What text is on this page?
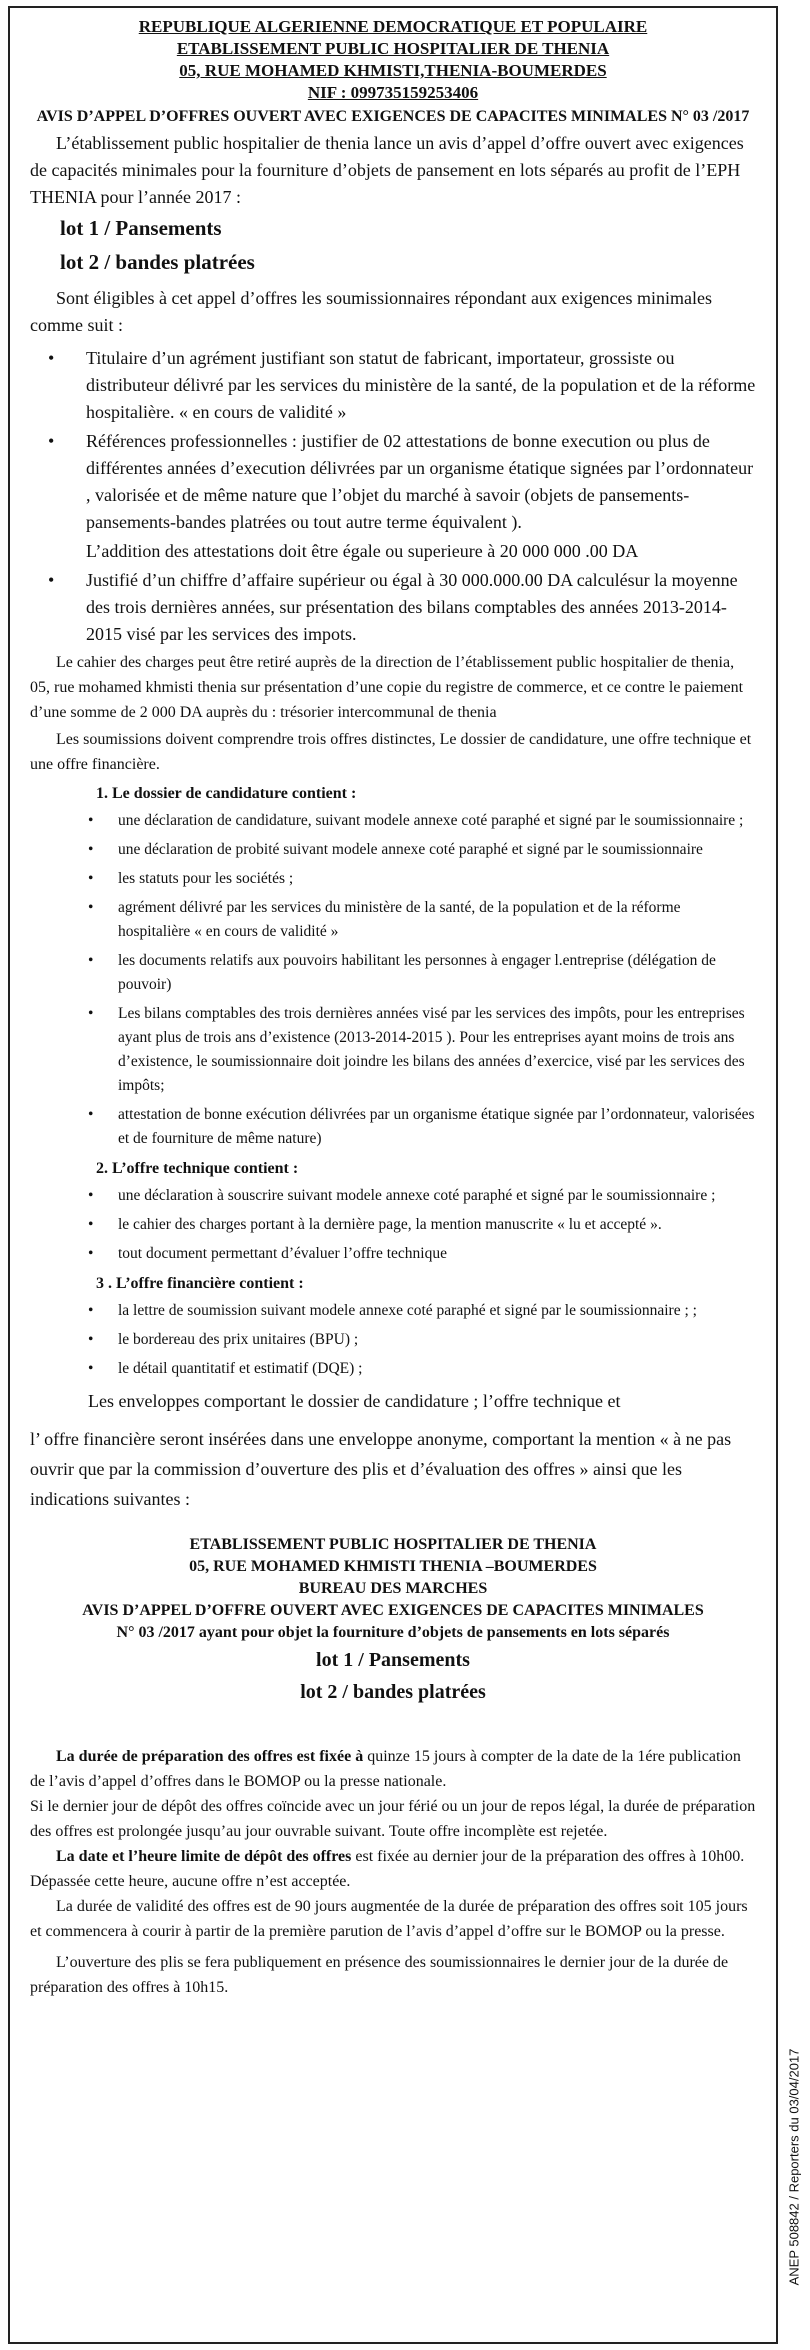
REPUBLIQUE ALGERIENNE DEMOCRATIQUE ET POPULAIRE
ETABLISSEMENT PUBLIC HOSPITALIER DE THENIA
05, RUE MOHAMED KHMISTI,THENIA-BOUMERDES
NIF : 099735159253406
AVIS D’APPEL D’OFFRES OUVERT AVEC EXIGENCES DE CAPACITES MINIMALES N° 03 /2017

L’établissement public hospitalier de thenia lance un avis d’appel d’offre ouvert avec exigences de capacités minimales pour la fourniture d’objets de pansement en lots séparés au profit de l’EPH THENIA pour l’année 2017 :

lot 1 / Pansements
lot 2 / bandes platrées

Sont éligibles à cet appel d’offres les soumissionnaires répondant aux exigences minimales comme suit :

• Titulaire d’un agrément justifiant son statut de fabricant, importateur, grossiste ou distributeur délivré par les services du ministère de la santé, de la population et de la réforme hospitalière. « en cours de validité »
• Références professionnelles : justifier de 02 attestations de bonne execution ou plus de différentes années d’execution délivrées par un organisme étatique signées par l’ordonnateur , valorisée et de même nature que l’objet du marché à savoir (objets de pansements- pansements-bandes platrées ou tout autre terme équivalent ).
L’addition des attestations doit être égale ou superieure à 20 000 000 .00 DA
• Justifié d’un chiffre d’affaire supérieur ou égal à 30 000.000.00 DA calculésur la moyenne des trois dernières années, sur présentation des bilans comptables des années 2013-2014-2015 visé par les services des impots.

Le cahier des charges peut être retiré auprès de la direction de l’établissement public hospitalier de thenia, 05, rue mohamed khmisti thenia sur présentation d’une copie du registre de commerce, et ce contre le paiement d’une somme de 2 000 DA auprès du : trésorier intercommunal de thenia

Les soumissions doivent comprendre trois offres distinctes, Le dossier de candidature, une offre technique et une offre financière.

1. Le dossier de candidature contient :
• une déclaration de candidature, suivant modele annexe coté paraphé et signé par le soumissionnaire ;
• une déclaration de probité suivant modele annexe coté paraphé et signé par le soumissionnaire
• les statuts pour les sociétés ;
• agrément délivré par les services du ministère de la santé, de la population et de la réforme hospitalière « en cours de validité »
• les documents relatifs aux pouvoirs habilitant les personnes à engager l.entreprise (délégation de pouvoir)
• Les bilans comptables des trois dernières années visé par les services des impôts, pour les entreprises ayant plus de trois ans d’existence (2013-2014-2015 ). Pour les entreprises ayant moins de trois ans d’existence, le soumissionnaire doit joindre les bilans des années d’exercice, visé par les services des impôts;
• attestation de bonne exécution délivrées par un organisme étatique signée par l’ordonnateur, valorisées et de fourniture de même nature)
2. L’offre technique contient :
• une déclaration à souscrire suivant modele annexe coté paraphé et signé par le soumissionnaire ;
• le cahier des charges portant à la dernière page, la mention manuscrite « lu et accepté ».
• tout document permettant d’évaluer l’offre technique
3 . L’offre financière contient :
• la lettre de soumission suivant modele annexe coté paraphé et signé par le soumissionnaire ; ;
• le bordereau des prix unitaires (BPU) ;
• le détail quantitatif et estimatif (DQE) ;

Les enveloppes comportant le dossier de candidature ; l’offre technique et

l’ offre financière seront insérées dans une enveloppe anonyme, comportant la mention « à ne pas ouvrir que par la commission d’ouverture des plis et d’évaluation des offres » ainsi que les indications suivantes :

ETABLISSEMENT PUBLIC HOSPITALIER DE THENIA
05, RUE MOHAMED KHMISTI THENIA –BOUMERDES
BUREAU DES MARCHES
AVIS D’APPEL D’OFFRE OUVERT AVEC EXIGENCES DE CAPACITES MINIMALES
N° 03 /2017 ayant pour objet la fourniture d’objets de pansements en lots séparés
lot 1 / Pansements
lot 2 / bandes platrées

La durée de préparation des offres est fixée à quinze 15 jours à compter de la date de la 1ére publication de l’avis d’appel d’offres dans le BOMOP ou la presse nationale.

Si le dernier jour de dépôt des offres coïncide avec un jour férié ou un jour de repos légal, la durée de préparation des offres est prolongée jusqu’au jour ouvrable suivant. Toute offre incomplète est rejetée.

La date et l’heure limite de dépôt des offres est fixée au dernier jour de la préparation des offres à 10h00. Dépassée cette heure, aucune offre n’est acceptée.

La durée de validité des offres est de 90 jours augmentée de la durée de préparation des offres soit 105 jours et commencera à courir à partir de la première parution de l’avis d’appel d’offre sur le BOMOP ou la presse.

L’ouverture des plis se fera publiquement en présence des soumissionnaires le dernier jour de la durée de préparation des offres à 10h15.

ANEP 508842 / Reporters du 03/04/2017
